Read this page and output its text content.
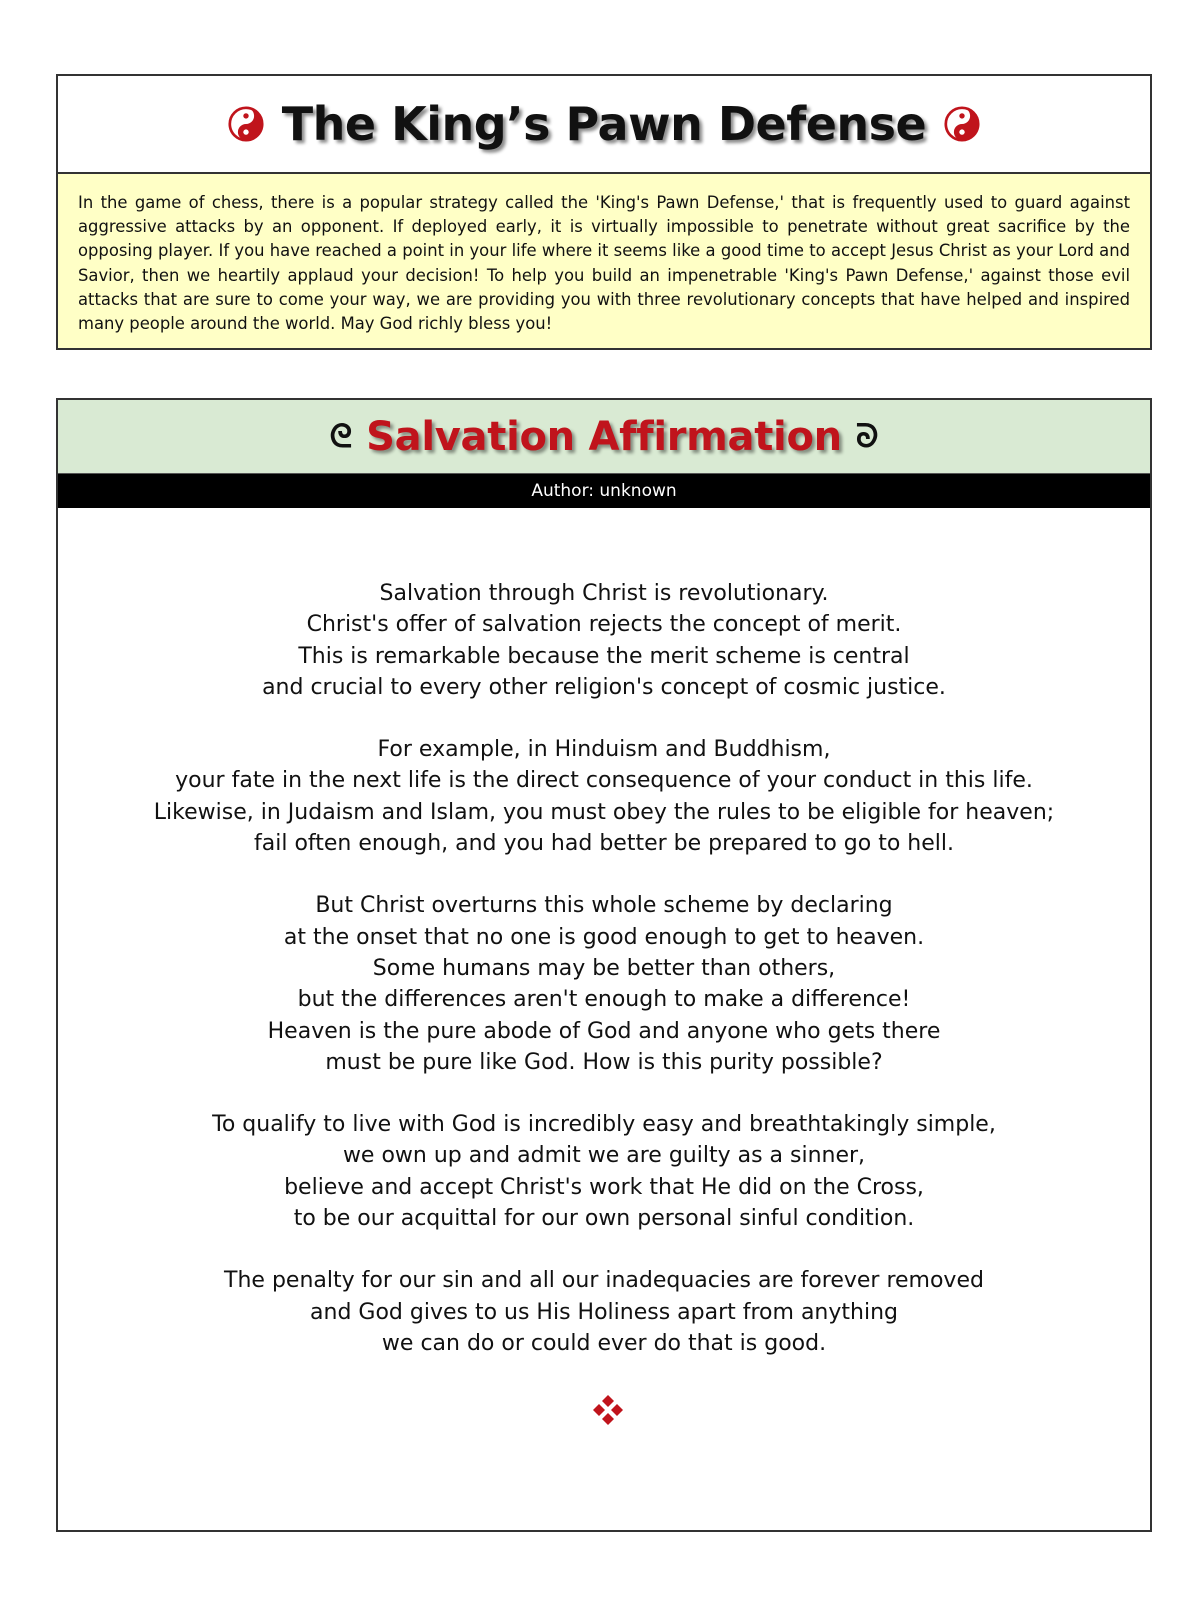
The King’s Pawn Defense
In the game of chess, there is a popular strategy called the 'King's Pawn Defense,' that is frequently used to guard against aggressive attacks by an opponent. If deployed early, it is virtually impossible to penetrate without great sacrifice by the opposing player. If you have reached a point in your life where it seems like a good time to accept Jesus Christ as your Lord and Savior, then we heartily applaud your decision! To help you build an impenetrable 'King's Pawn Defense,' against those evil attacks that are sure to come your way, we are providing you with three revolutionary concepts that have helped and inspired many people around the world. May God richly bless you!
ᘓ Salvation Affirmation ᘐ
Author: unknown
Salvation through Christ is revolutionary.
Christ's offer of salvation rejects the concept of merit.
This is remarkable because the merit scheme is central
and crucial to every other religion's concept of cosmic justice.
For example, in Hinduism and Buddhism,
your fate in the next life is the direct consequence of your conduct in this life.
Likewise, in Judaism and Islam, you must obey the rules to be eligible for heaven;
fail often enough, and you had better be prepared to go to hell.
But Christ overturns this whole scheme by declaring
at the onset that no one is good enough to get to heaven.
Some humans may be better than others,
but the differences aren't enough to make a difference!
Heaven is the pure abode of God and anyone who gets there
must be pure like God. How is this purity possible?
To qualify to live with God is incredibly easy and breathtakingly simple,
we own up and admit we are guilty as a sinner,
believe and accept Christ's work that He did on the Cross,
to be our acquittal for our own personal sinful condition.
The penalty for our sin and all our inadequacies are forever removed
and God gives to us His Holiness apart from anything
we can do or could ever do that is good.
